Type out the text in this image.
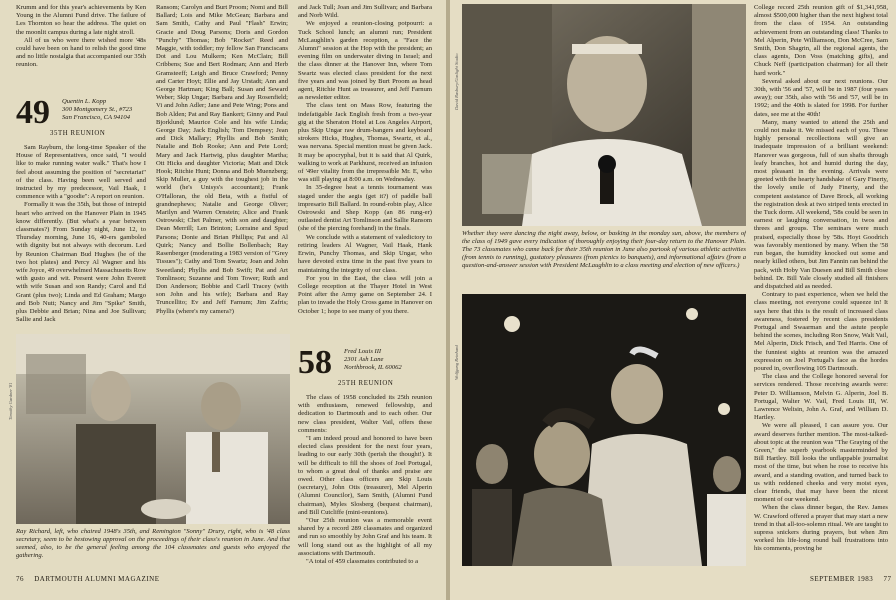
Krumm and for this year's achievements by Ken Young in the Alumni Fund drive. The failure of Les Thornton so hear the address. The quiet on the moonlit campus during a late night stroll.

All of us who were there wished more '48s could have been on hand to relish the good time and no little nostalgia that accompanied our 35th reunion.

49 Quentin L. Kopp
300 Montgomery St., #723
San Francisco, CA 94104
35TH REUNION

Sam Rayburn, the long-time Speaker of the House of Representatives, once said, "I would like to make running water walk." That's how I feel about assuming the position of "secretariat" of the class. Having been well served and instructed by my predecessor, Vail Haak, I commence with a "goodie": A report on reunion.

Formally it was the 35th, but those of intrepid heart who arrived on the Hanover Plain in 1945 know differently. (But what's a year between classmates?) From Sunday night, June 12, to Thursday morning, June 16, 40-ers gamboled with dignity but not always with decorum. Led by Reunion Chairman Bud Hughes (he of the two hot plates) and Percy Al Wagner and his wife Joyce, 49 overwhelmed Massachusetts Row with gusto and wit. Present were John Everett with wife Susan and son Randy; Carol and Ed Grant (plus two); Linda and Ed Graham; Margo and Bob Nutt; Nancy and Jim "Spike" Smith, plus Debbie and Brian; Nina and Joe Sullivan; Sallie and Jack

Ransom; Carolyn and Burt Proom; Nomi and Bill Ballard; Lois and Mike McGean; Barbara and Sam Smith, Cathy and Paul "Flash" Erwin; Gracie and Doug Parsons; Doris and Gordon "Punchy" Thomas; Bob "Rocket" Reed and Maggie, with toddler; my fellow San Franciscans Dot and Lou Mulkern; Ken McClain; Bill Cribbens; Sue and Bert Rodman; Ann and Herb Gramsteeff; Leigh and Bruce Crawford; Penny and Carter Hoyt; Ellie and Jay Urstadt; Ann and George Hartman; King Ball; Susan and Seward Weber; Skip Ungar; Barbara and Jay Rosenfield; Vi and John Adler; Jane and Pete Wing; Pons and Bob Alden; Pat and Ray Bankert; Ginny and Paul Bjorklund; Maurice Cole and his wife Linda; George Day; Jack English; Tom Dempsey; Jean and Dick Mallary; Phyllis and Bob Smith; Natalie and Bob Rooke; Ann and Pete Lord; Mary and Jack Hartwig, plus daughter Martha; Ott Hicks and daughter Victoria; Matt and Dick Hook; Ritchie Hunt; Donna and Bob Muenzberg; Skip Muller, a guy with the toughest job in the world (he's Unisys's accountant); Frank O'Halloran, the old Beta, with a fistful of grandnephews; Natalie and George Oliver; Marilyn and Warren Ornstein; Alice and Frank Ostrowski; Chet Palmer, with son and daughter; Dean Merrill; Len Brinton; Lorraine and Spud Parsons; Donie and Brian Phillips; Pat and Al Quirk; Nancy and Bollie Bollenbach; Ray Rasenberger (moderating a 1983 version of "Grey Tissues"); Cathy and Tom Swartz; Joan and John Sweetland; Phyllis and Bob Swift; Pat and Art Tomlinson; Suzanne and Tom Tower; Ruth and Don Anderson; Bobbie and Carll Tracey (with son John and his wife); Barbara and Ray Truncellito; Ev and Jeff Farnum; Jim Zafris; Phyllis (where's my camera?)

and Jack Tull; Joan and Jim Sullivan; and Barbara and Norb Wild.

We enjoyed a reunion-closing potpourri: a Tuck School lunch; an alumni run; President McLaughlin's garden reception, a "Face the Alumni" session at the Hop with the president; an evening film on underwater diving in Israel; and the class dinner at the Hanover Inn, where Tom Swartz was elected class president for the next five years and was joined by Burt Proom as head agent, Ritchie Hunt as treasurer, and Jeff Farnum as newsletter editor.

The class tent on Mass Row, featuring the indefatigable Jack English fresh from a two-year gig at the Sheraton Hotel at Los Angeles Airport, plus Skip Ungar raw drum-bangers and keyboard strokers Hicks, Hughes, Thomas, Swartz, et al., was nervana. Special mention must be given Jack. It may be apocryphal, but it is said that Al Quirk, walking to work at Parkhurst, received an infusion of '49er vitality from the irrepressible Mr. E, who was still playing at 8:00 a.m. on Wednesday.

In 35-degree heat a tennis tournament was staged under the aegis (get it?) of paddle ball impresario Bill Ballard. In round-robin play, Alice Ostrowski and Shep Kopp (an 86 rung-er) outlasted dentist Art Tomlinson and Sallie Ransom (she of the piercing forehand) in the finals.

We conclude with a statement of valedictory to retiring leaders Al Wagner, Vail Haak, Hank Erwin, Punchy Thomas, and Skip Ungar, who have devoted extra time in the past five years to maintaining the integrity of our class.

For you in the East, the class will join a College reception at the Thayer Hotel in West Point after the Army game on September 24. I plan to invade the Holy Cross game in Hanover on October 1; hope to see many of you there.

Timothy Gardner '81
Ray Richard, left, who chaired 1948's 35th, and Remington "Sonny" Drury, right, who is '48 class secretary, seem to be bestowing approval on the proceedings of their class's reunion in June. And that seemed, also, to be the general feeling among the 104 classmates and guests who enjoyed the gathering.
58 Fred Louis III
2301 Ash Lane
Northbrook, IL 60062
25TH REUNION

The class of 1958 concluded its 25th reunion with enthusiasm, renewed fellowship, and dedication to Dartmouth and to each other. Our new class president, Walter Vail, offers these comments:

"I am indeed proud and honored to have been elected class president for the next four years, leading to our early 30th (perish the thought!). It will be difficult to fill the shoes of Joel Portugal, to whom a great deal of thanks and praise are owed. Other class officers are Skip Louis (secretary), John Otis (treasurer), Mel Alperin (Alumni Councilor), Sam Smith, (Alumni Fund chairman), Myles Slosberg (bequest chairman), and Bill Cutcliffe (mini-reunions).

"Our 25th reunion was a memorable event shared by a record 289 classmates and organized and run so smoothly by John Graf and his team. It will long stand out as the highlight of all my associations with Dartmouth.

"A total of 459 classmates contributed to a

76 DARTMOUTH ALUMNI MAGAZINE
David Rasbury/Gaslight Studio
Whether they were dancing the night away, below, or basking in the monday sun, above, the members of the class of 1949 gave every indication of thoroughly enjoying their four-day return to the Hanover Plain. The 73 classmates who came back for their 35th reunion in June also partook of various athletic activities (from tennis to running), gustatory pleasures (from picnics to banquets), and informational affairs (from a question-and-answer session with President McLaughlin to a class meeting and election of new officers.)
Wolfgang Reinhard

College record 25th reunion gift of $1,341,958, almost $500,000 higher than the next highest total from the class of 1954. An outstanding achievement from an outstanding class! Thanks to Mel Alperin, Pete Williamson, Don McCree, Sam Smith, Don Shagrin, all the regional agents, the class agents, Don Voss (matching gifts), and Chuck Neff (participation chairman) for all their hard work."

Several asked about our next reunions. Our 30th, with '56 and '57, will be in 1987 (four years away); our 35th, also with '56 and '57, will be in 1992; and the 40th is slated for 1998. For further dates, see me at the 40th!

Many, many wanted to attend the 25th and could not make it. We missed each of you. These highly personal recollections will give an inadequate impression of a brilliant weekend: Hanover was gorgeous, full of sun shafts through leafy branches, hot and humid during the day, most pleasant in the evening. Arrivals were greeted with the hearty handshake of Gary Finerty, the lovely smile of Judy Finerty, and the competent assistance of Dave Brock, all working the registration desk at two striped tents erected in the Tuck dorm. All weekend, '58s could be seen in earnest or laughing conversation, in twos and threes and groups. The seminars were much praised, especially those by '58s. Hoyt Goodrich was favorably mentioned by many. When the '58 run began, the humidity knocked out some and nearly killed others, but Jim Fannin ran behind the pack, with Hoby Van Duesen and Bill Smith close behind. Dr. Bill Yale closely studied all finishers and dispatched aid as needed.

Contrary to past experience, when we held the class meeting, not everyone could squeeze in! It says here that this is the result of increased class awareness, fostered by recent class presidents Portugal and Swaarman and the astute people behind the scenes, including Ron Snow, Walt Vail, Mel Alperin, Dick Frisch, and Ted Harris. One of the funniest sights at reunion was the amazed expression on Joel Portugal's face as the hordes poured in, overflowing 105 Dartmouth.

The class and the College honored several for services rendered. Those receiving awards were: Peter D. Williamson, Melvin G. Alperin, Joel B. Portugal, Walter W. Vail, Fred Louis III, W. Lawrence Weltsin, John A. Graf, and William D. Hartley.

We were all pleased, I can assure you. Our award deserves further mention. The most-talked-about topic at the reunion was "The Graying of the Green," the superb yearbook masterminded by Bill Hartley. Bill looks the unflappable journalist most of the time, but when he rose to receive his award, and a standing ovation, and turned back to us with reddened cheeks and very moist eyes, clear friends, that may have been the nicest moment of our weekend.

When the class dinner began, the Rev. James W. Crawford offered a prayer that may start a new trend in that all-too-solemn ritual. We are taught to supress snickers during prayers, but when Jim worked his life-long round ball frustrations into his comments, proving he

SEPTEMBER 1983 77
